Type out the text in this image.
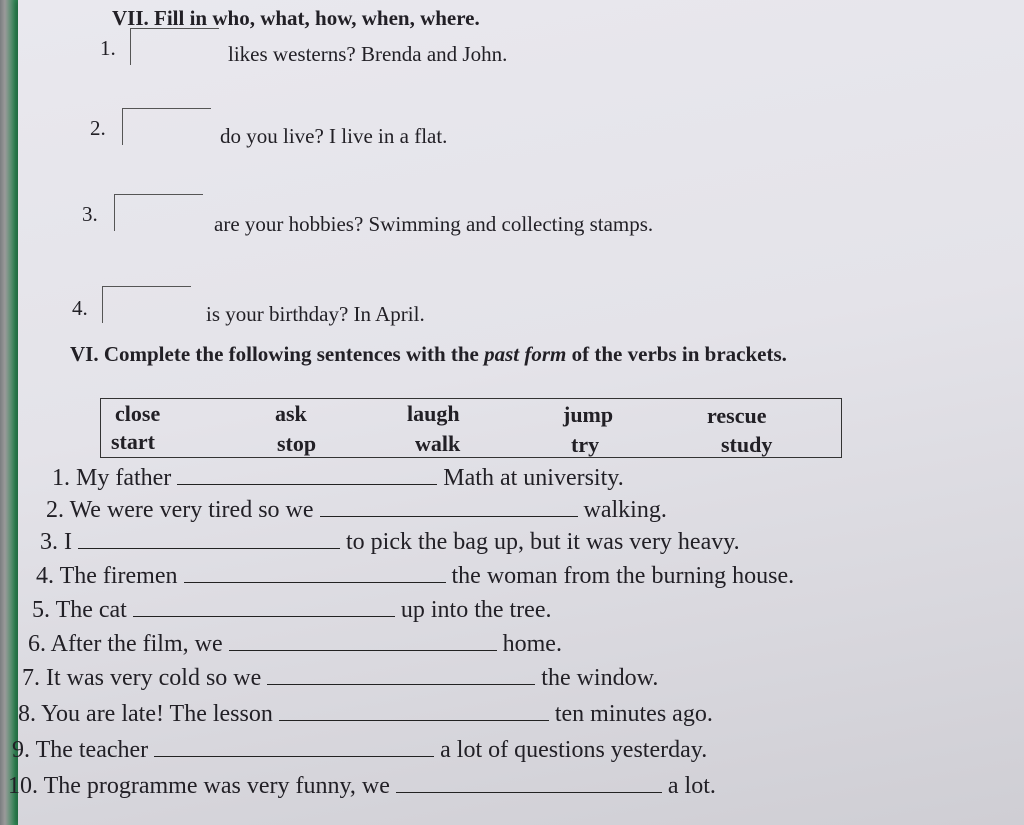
VII. Fill in who, what, how, when, where.
1.	likes westerns? Brenda and John.
2.	do you live? I live in a flat.
3.	are your hobbies? Swimming and collecting stamps.
4.	is your birthday? In April.
VI. Complete the following sentences with the past form of the verbs in brackets.
close	ask	laugh	jump	rescue
start	stop	walk	try	study
1. My father	Math at university.
2. We were very tired so we	walking.
3. I	to pick the bag up, but it was very heavy.
4. The firemen	the woman from the burning house.
5. The cat	up into the tree.
6. After the film, we	home.
7. It was very cold so we	the window.
8. You are late! The lesson	ten minutes ago.
9. The teacher	a lot of questions yesterday.
10. The programme was very funny, we	a lot.
